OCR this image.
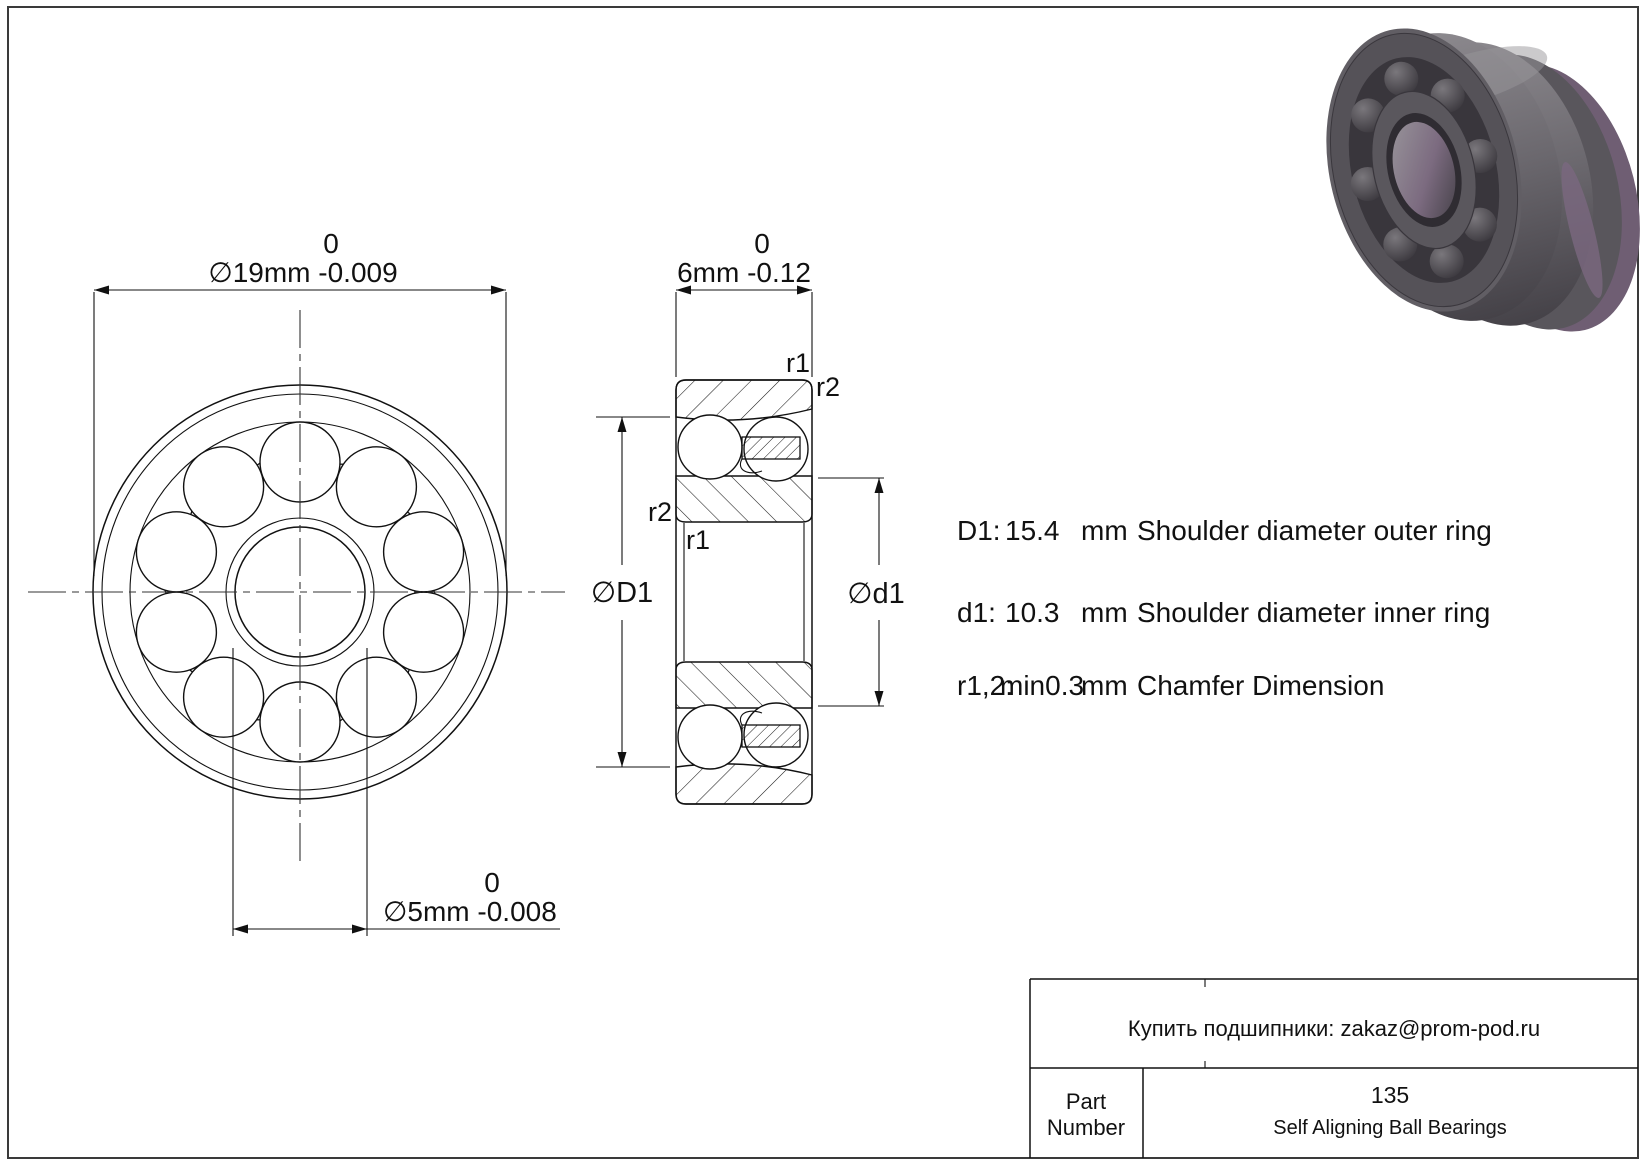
0
∅19mm -0.009
0
∅5mm -0.008
0
6mm -0.12
∅D1	∅d1
r1
r2
r2
r1	D1: 15.4 mm Shoulder diameter outer ring
d1: 10.3 mm Shoulder diameter inner ring
r1,2:
min0.3
mm Chamfer Dimension
Купить подшипники: zakaz@prom-pod.ru
Part
Number
135
Self Aligning Ball Bearings
